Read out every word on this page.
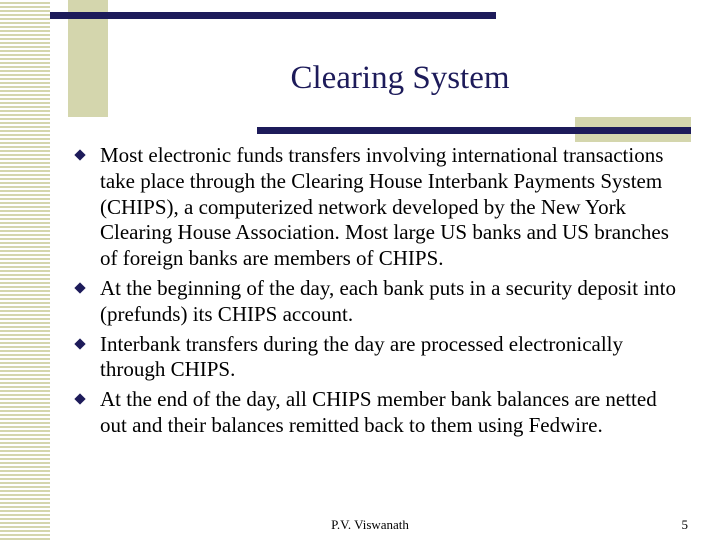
Clearing System
Most electronic funds transfers involving international transactions take place through the Clearing House Interbank Payments System (CHIPS), a computerized network developed by the New York Clearing House Association. Most large US banks and US branches of foreign banks are members of CHIPS.
At the beginning of the day, each bank puts in a security deposit into (prefunds) its CHIPS account.
Interbank transfers during the day are processed electronically through CHIPS.
At the end of the day, all CHIPS member bank balances are netted out and their balances remitted back to them using Fedwire.
P.V. Viswanath	5
